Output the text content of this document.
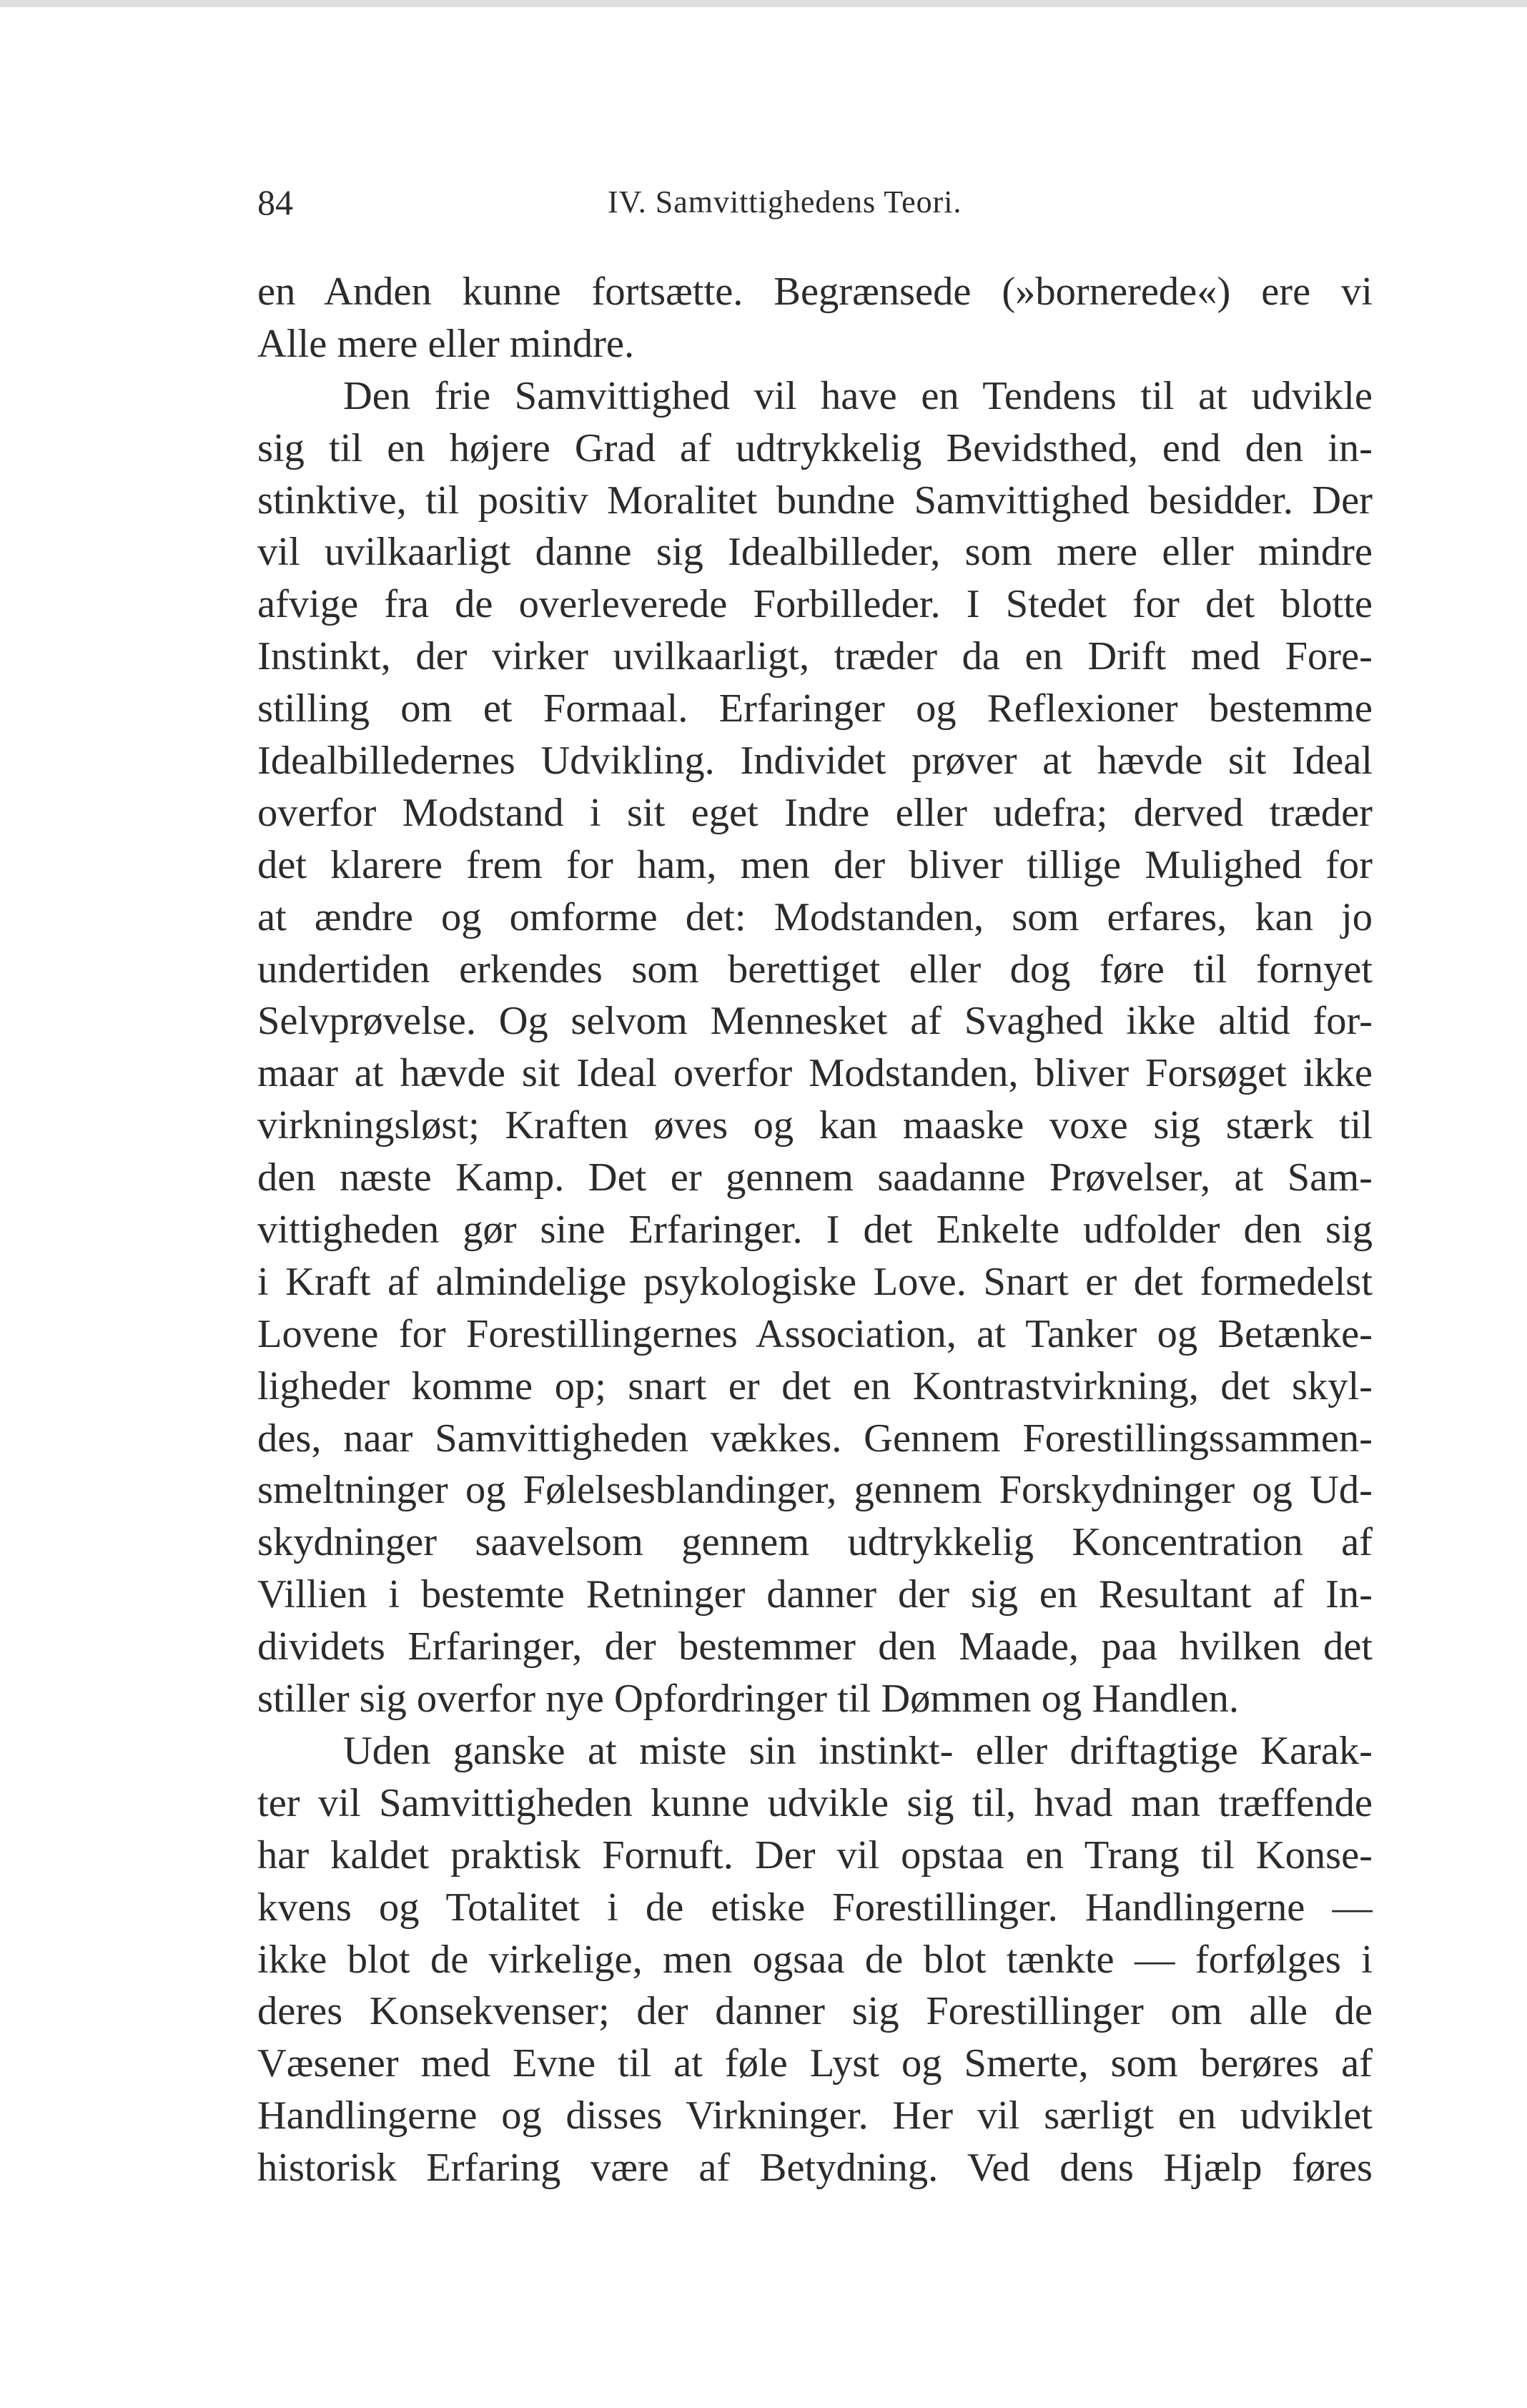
84	IV. Samvittighedens Teori.
en Anden kunne fortsætte. Begrænsede (»bornerede«) ere vi
Alle mere eller mindre.
Den frie Samvittighed vil have en Tendens til at udvikle
sig til en højere Grad af udtrykkelig Bevidsthed, end den in-
stinktive, til positiv Moralitet bundne Samvittighed besidder. Der
vil uvilkaarligt danne sig Idealbilleder, som mere eller mindre
afvige fra de overleverede Forbilleder. I Stedet for det blotte
Instinkt, der virker uvilkaarligt, træder da en Drift med Fore-
stilling om et Formaal. Erfaringer og Reflexioner bestemme
Idealbilledernes Udvikling. Individet prøver at hævde sit Ideal
overfor Modstand i sit eget Indre eller udefra; derved træder
det klarere frem for ham, men der bliver tillige Mulighed for
at ændre og omforme det: Modstanden, som erfares, kan jo
undertiden erkendes som berettiget eller dog føre til fornyet
Selvprøvelse. Og selvom Mennesket af Svaghed ikke altid for-
maar at hævde sit Ideal overfor Modstanden, bliver Forsøget ikke
virkningsløst; Kraften øves og kan maaske voxe sig stærk til
den næste Kamp. Det er gennem saadanne Prøvelser, at Sam-
vittigheden gør sine Erfaringer. I det Enkelte udfolder den sig
i Kraft af almindelige psykologiske Love. Snart er det formedelst
Lovene for Forestillingernes Association, at Tanker og Betænke-
ligheder komme op; snart er det en Kontrastvirkning, det skyl-
des, naar Samvittigheden vækkes. Gennem Forestillingssammen-
smeltninger og Følelsesblandinger, gennem Forskydninger og Ud-
skydninger saavelsom gennem udtrykkelig Koncentration af
Villien i bestemte Retninger danner der sig en Resultant af In-
dividets Erfaringer, der bestemmer den Maade, paa hvilken det
stiller sig overfor nye Opfordringer til Dømmen og Handlen.
Uden ganske at miste sin instinkt- eller driftagtige Karak-
ter vil Samvittigheden kunne udvikle sig til, hvad man træffende
har kaldet praktisk Fornuft. Der vil opstaa en Trang til Konse-
kvens og Totalitet i de etiske Forestillinger. Handlingerne —
ikke blot de virkelige, men ogsaa de blot tænkte — forfølges i
deres Konsekvenser; der danner sig Forestillinger om alle de
Væsener med Evne til at føle Lyst og Smerte, som berøres af
Handlingerne og disses Virkninger. Her vil særligt en udviklet
historisk Erfaring være af Betydning. Ved dens Hjælp føres
